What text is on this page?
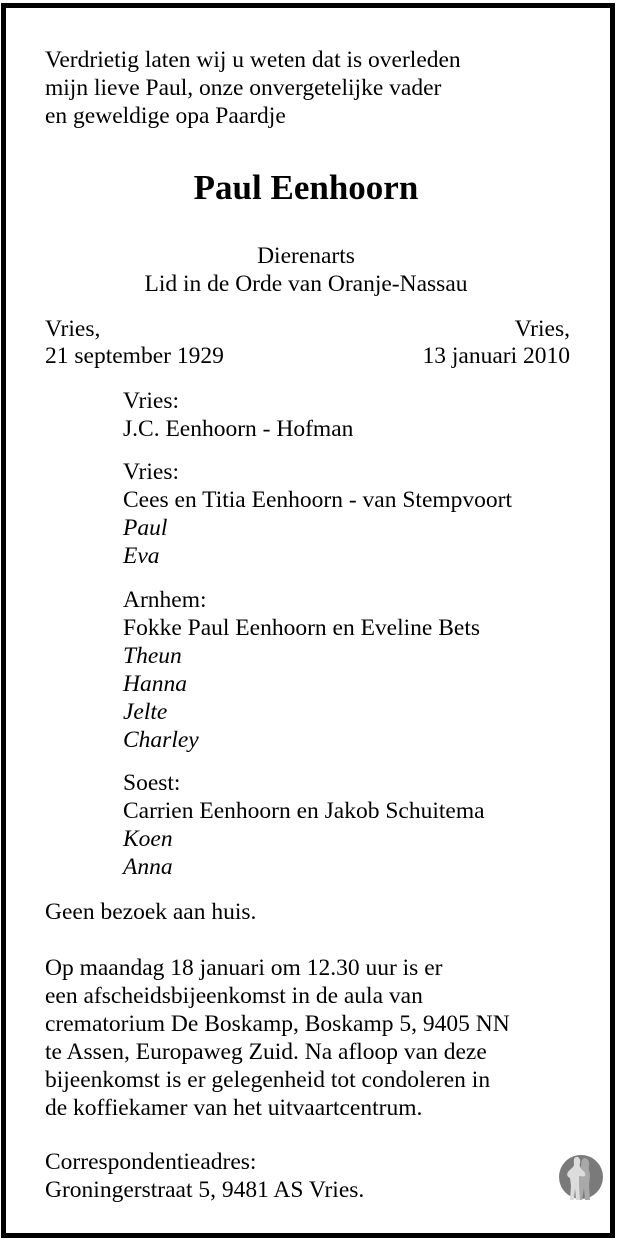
Verdrietig laten wij u weten dat is overleden
mijn lieve Paul, onze onvergetelijke vader
en geweldige opa Paardje
Paul Eenhoorn
Dierenarts
Lid in de Orde van Oranje-Nassau
Vries,
21 september 1929
Vries,
13 januari 2010
Vries:
J.C. Eenhoorn - Hofman
Vries:
Cees en Titia Eenhoorn - van Stempvoort
Paul
Eva
Arnhem:
Fokke Paul Eenhoorn en Eveline Bets
Theun
Hanna
Jelte
Charley
Soest:
Carrien Eenhoorn en Jakob Schuitema
Koen
Anna
Geen bezoek aan huis.
Op maandag 18 januari om 12.30 uur is er
een afscheidsbijeenkomst in de aula van
crematorium De Boskamp, Boskamp 5, 9405 NN
te Assen, Europaweg Zuid. Na afloop van deze
bijeenkomst is er gelegenheid tot condoleren in
de koffiekamer van het uitvaartcentrum.
Correspondentieadres:
Groningerstraat 5, 9481 AS Vries.
